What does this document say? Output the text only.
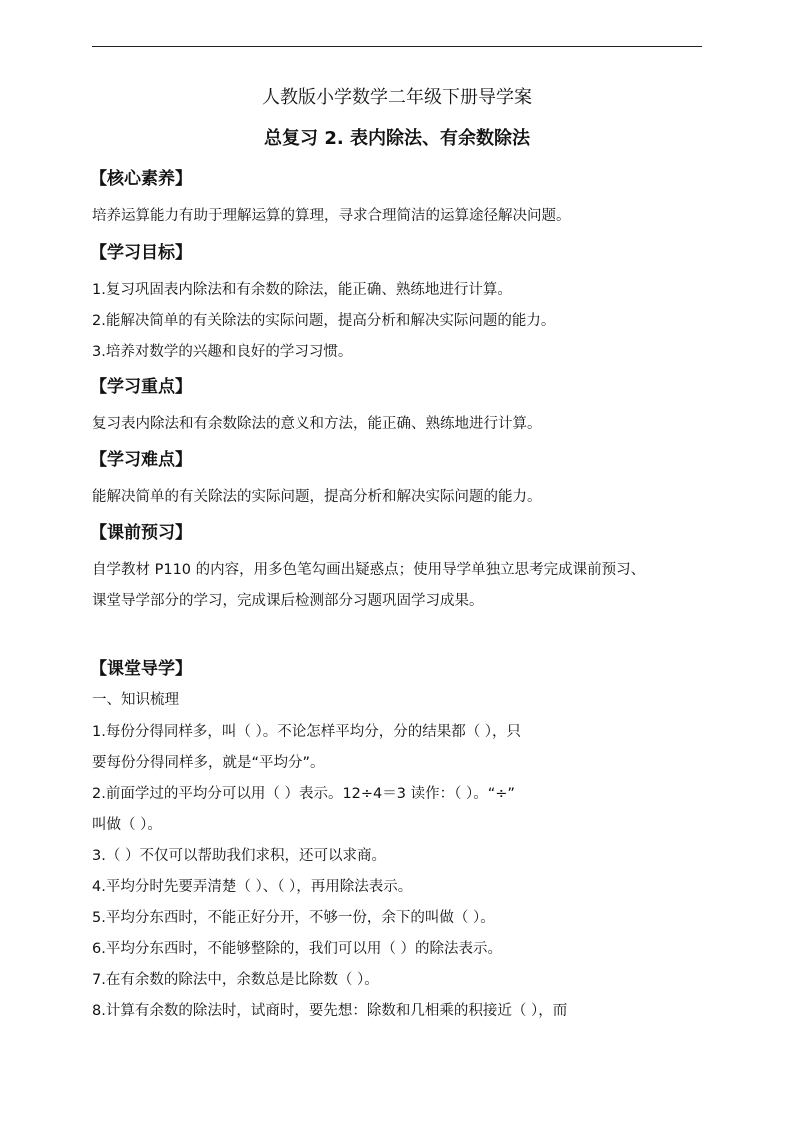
人教版小学数学二年级下册导学案
总复习 2. 表内除法、有余数除法
【核心素养】
培养运算能力有助于理解运算的算理，寻求合理简洁的运算途径解决问题。
【学习目标】
1.复习巩固表内除法和有余数的除法，能正确、熟练地进行计算。
2.能解决简单的有关除法的实际问题，提高分析和解决实际问题的能力。
3.培养对数学的兴趣和良好的学习习惯。
【学习重点】
复习表内除法和有余数除法的意义和方法，能正确、熟练地进行计算。
【学习难点】
能解决简单的有关除法的实际问题，提高分析和解决实际问题的能力。
【课前预习】
自学教材 P110 的内容，用多色笔勾画出疑惑点；使用导学单独立思考完成课前预习、
课堂导学部分的学习，完成课后检测部分习题巩固学习成果。
【课堂导学】
一、知识梳理
1.每份分得同样多，叫（ ）。不论怎样平均分，分的结果都（ ），只
要每份分得同样多，就是“平均分”。
2.前面学过的平均分可以用（ ）表示。12÷4＝3 读作：（ ）。“÷”
叫做（ ）。
3.（ ）不仅可以帮助我们求积，还可以求商。
4.平均分时先要弄清楚（ ）、（ ），再用除法表示。
5.平均分东西时，不能正好分开，不够一份，余下的叫做（ ）。
6.平均分东西时，不能够整除的，我们可以用（ ）的除法表示。
7.在有余数的除法中，余数总是比除数（ ）。
8.计算有余数的除法时，试商时，要先想：除数和几相乘的积接近（ ），而
